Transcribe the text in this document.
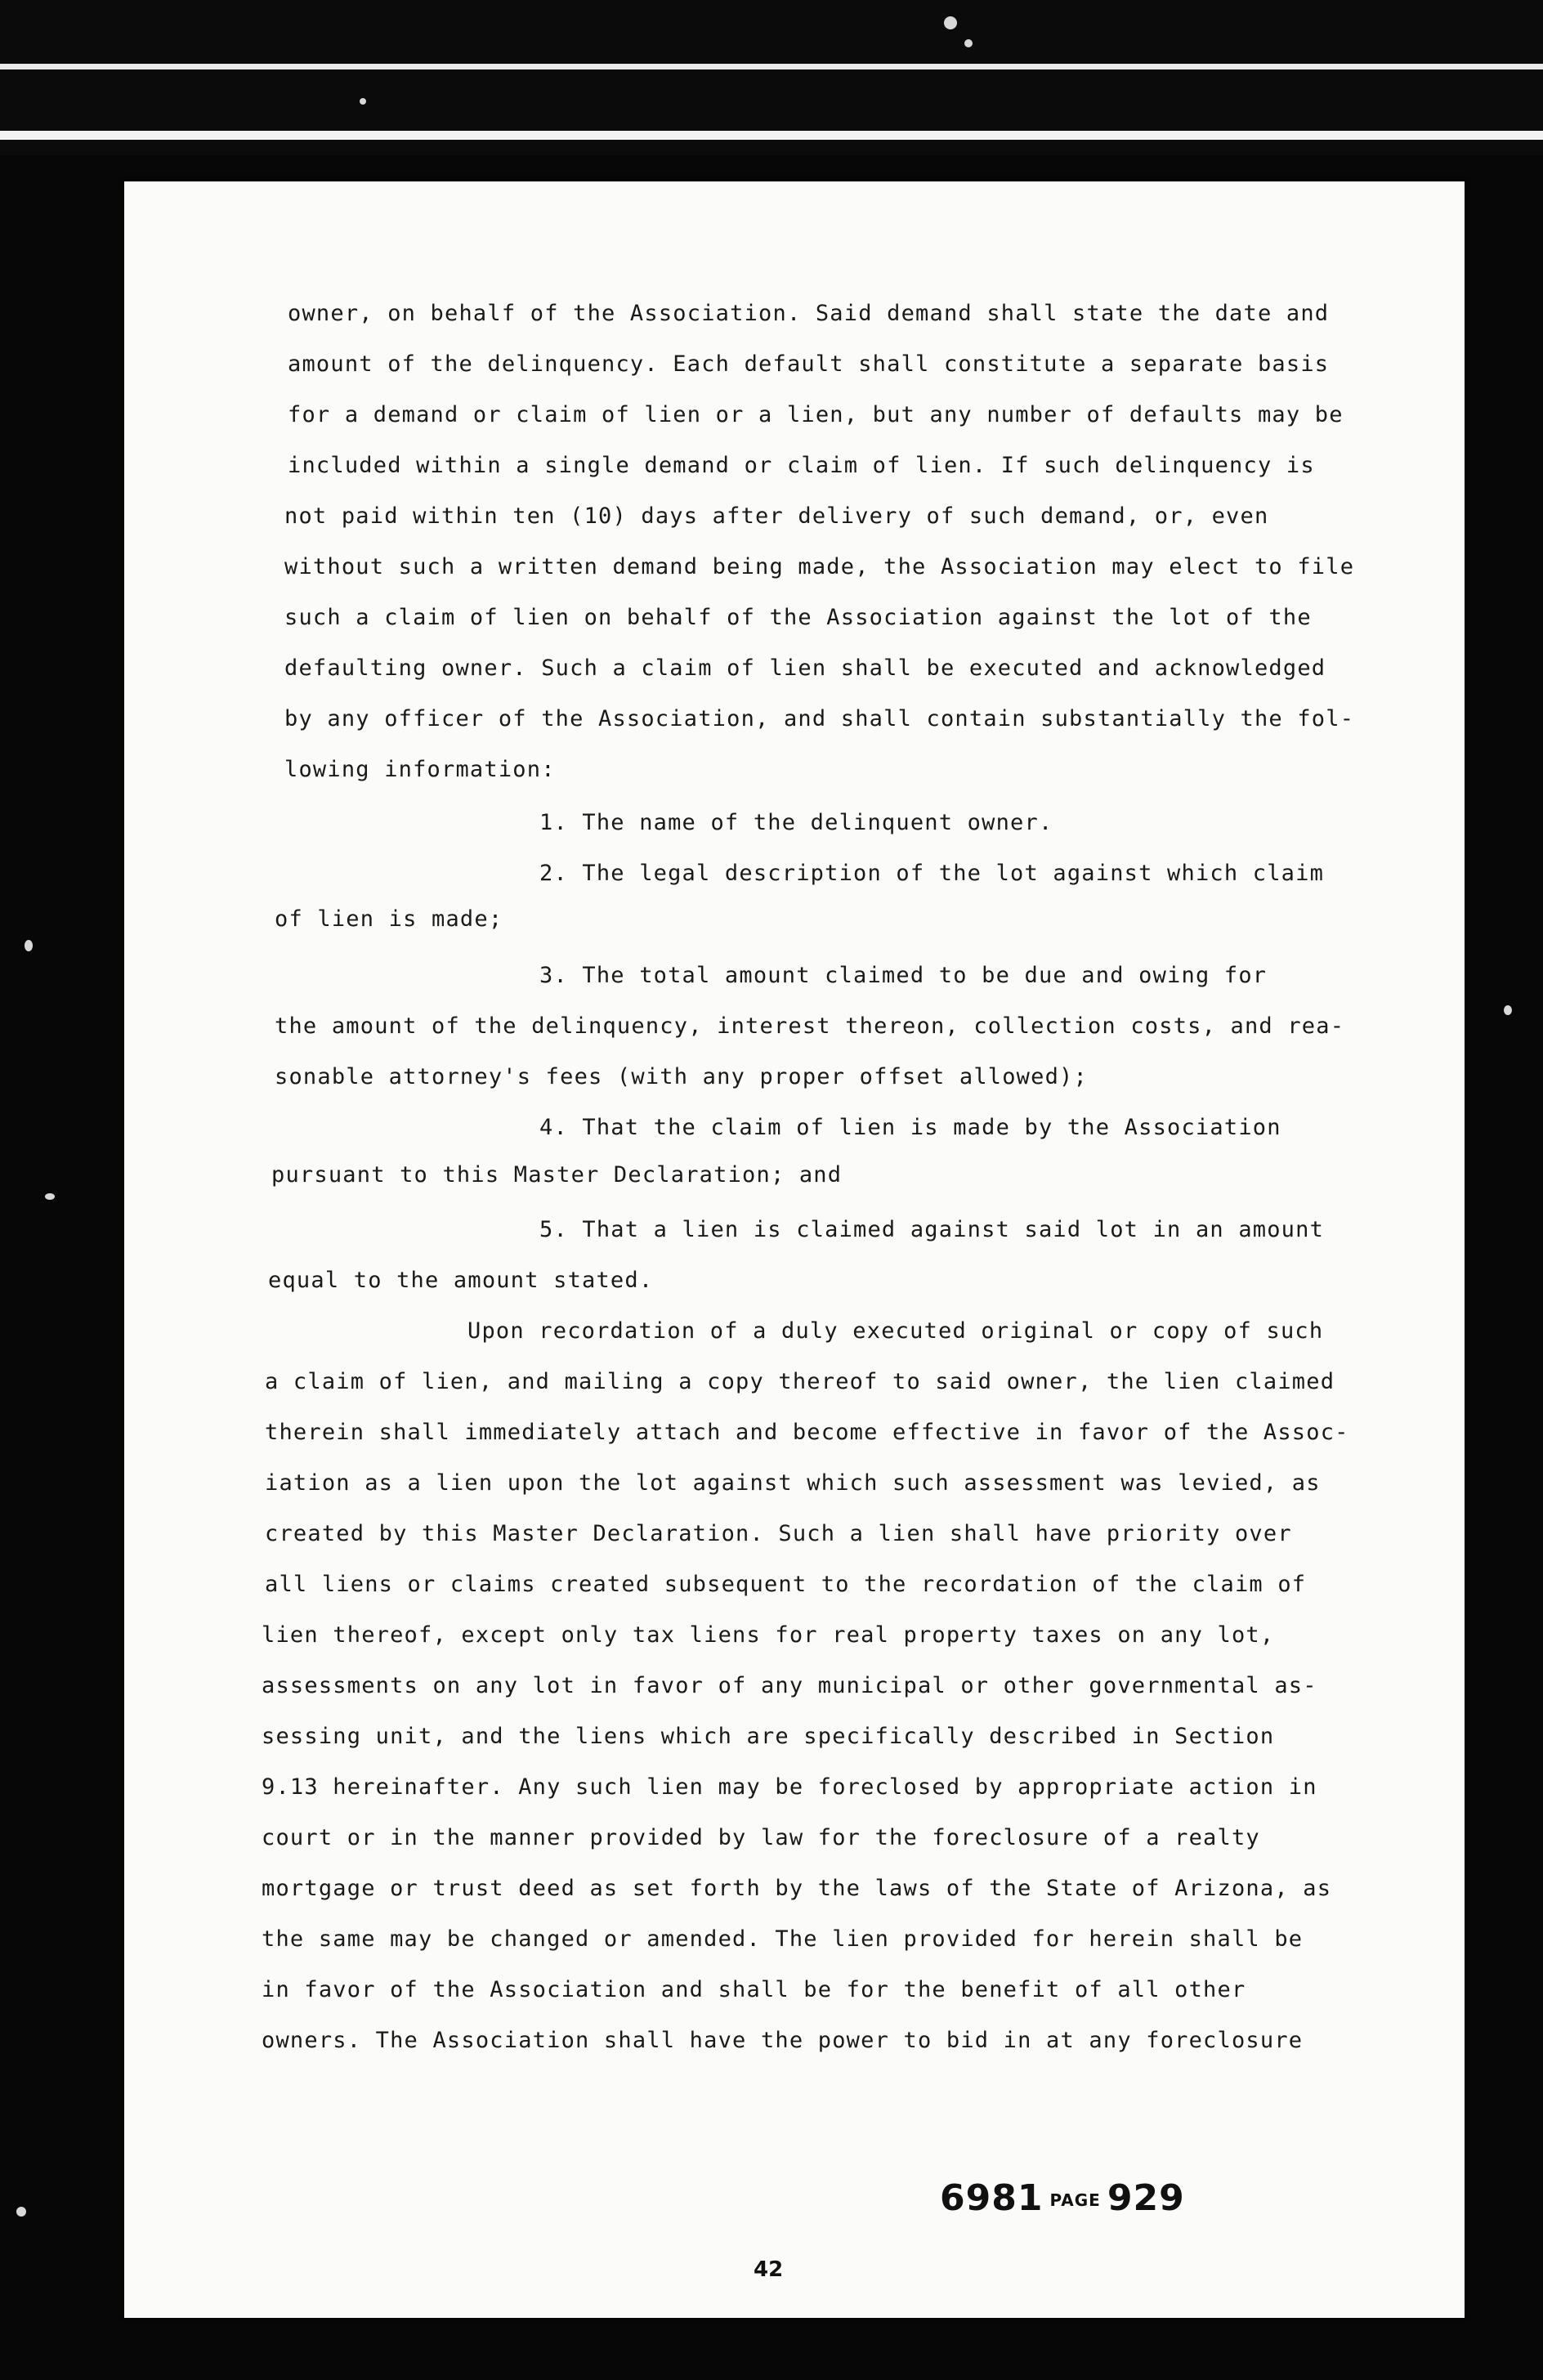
owner, on behalf of the Association. Said demand shall state the date and
amount of the delinquency. Each default shall constitute a separate basis
for a demand or claim of lien or a lien, but any number of defaults may be
included within a single demand or claim of lien. If such delinquency is
not paid within ten (10) days after delivery of such demand, or, even
without such a written demand being made, the Association may elect to file
such a claim of lien on behalf of the Association against the lot of the
defaulting owner. Such a claim of lien shall be executed and acknowledged
by any officer of the Association, and shall contain substantially the fol-
lowing information:
1. The name of the delinquent owner.
2. The legal description of the lot against which claim
of lien is made;
3. The total amount claimed to be due and owing for
the amount of the delinquency, interest thereon, collection costs, and rea-
sonable attorney's fees (with any proper offset allowed);
4. That the claim of lien is made by the Association
pursuant to this Master Declaration; and
5. That a lien is claimed against said lot in an amount
equal to the amount stated.
Upon recordation of a duly executed original or copy of such
a claim of lien, and mailing a copy thereof to said owner, the lien claimed
therein shall immediately attach and become effective in favor of the Assoc-
iation as a lien upon the lot against which such assessment was levied, as
created by this Master Declaration. Such a lien shall have priority over
all liens or claims created subsequent to the recordation of the claim of
lien thereof, except only tax liens for real property taxes on any lot,
assessments on any lot in favor of any municipal or other governmental as-
sessing unit, and the liens which are specifically described in Section
9.13 hereinafter. Any such lien may be foreclosed by appropriate action in
court or in the manner provided by law for the foreclosure of a realty
mortgage or trust deed as set forth by the laws of the State of Arizona, as
the same may be changed or amended. The lien provided for herein shall be
in favor of the Association and shall be for the benefit of all other
owners. The Association shall have the power to bid in at any foreclosure
6981 PAGE 929
42
